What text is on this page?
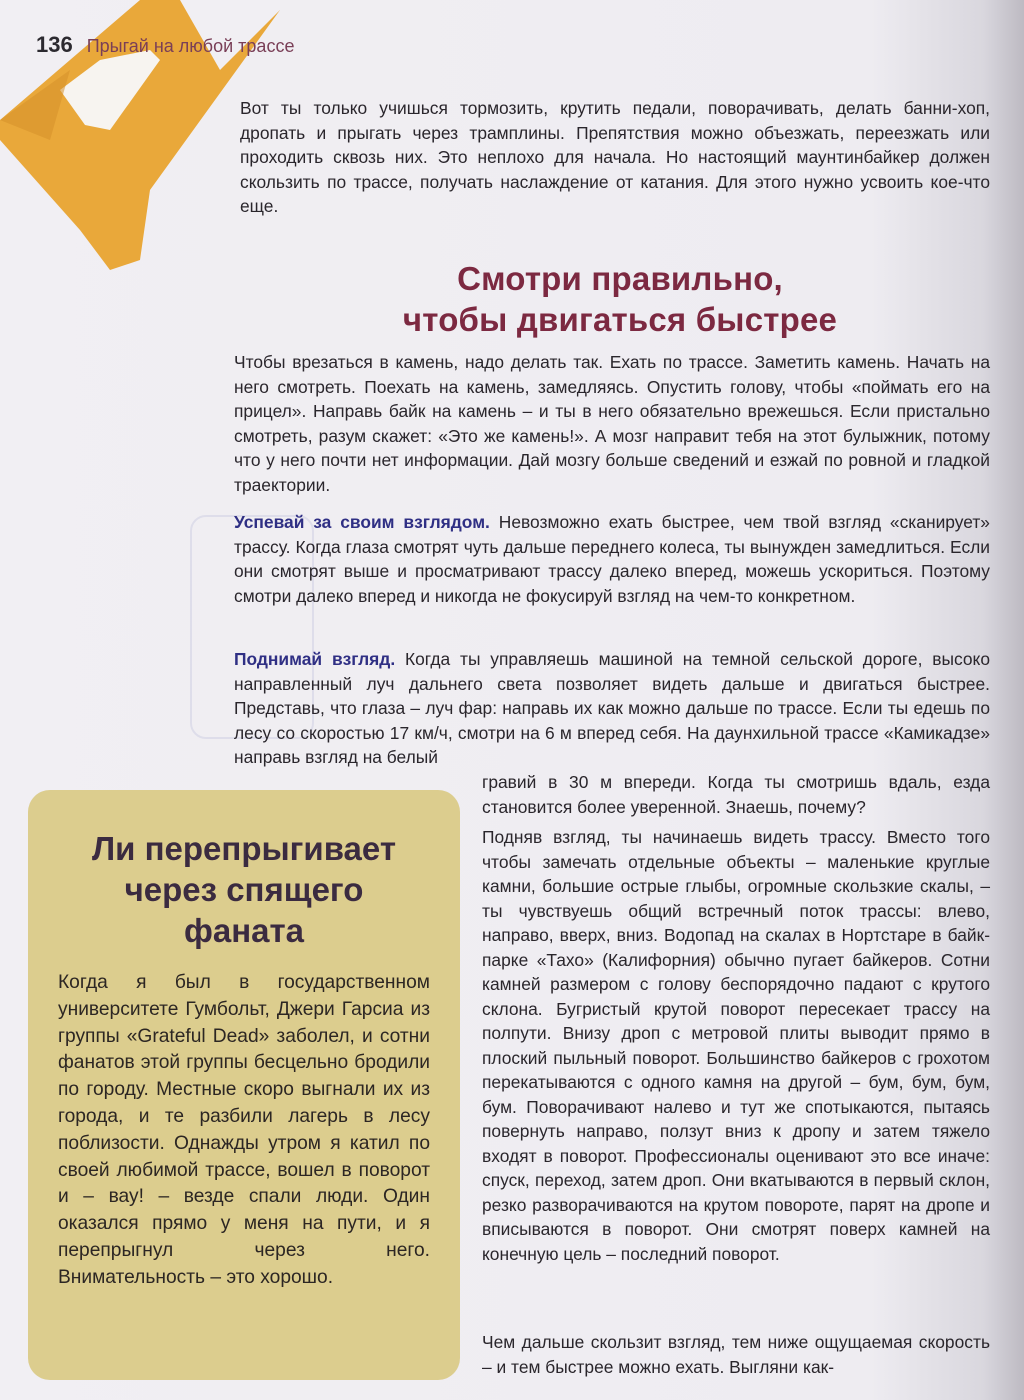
136 Прыгай на любой трассе

Вот ты только учишься тормозить, крутить педали, поворачивать, делать банни-хоп, дропать и прыгать через трамплины. Препятствия можно объезжать, переезжать или проходить сквозь них. Это неплохо для начала. Но настоящий маунтинбайкер должен скользить по трассе, получать наслаждение от катания. Для этого нужно усвоить кое-что еще.

Смотри правильно,
чтобы двигаться быстрее

Чтобы врезаться в камень, надо делать так. Ехать по трассе. Заметить камень. Начать на него смотреть. Поехать на камень, замедляясь. Опустить голову, чтобы «поймать его на прицел». Направь байк на камень – и ты в него обязательно врежешься. Если пристально смотреть, разум скажет: «Это же камень!». А мозг направит тебя на этот булыжник, потому что у него почти нет информации. Дай мозгу больше сведений и езжай по ровной и гладкой траектории.

Успевай за своим взглядом. Невозможно ехать быстрее, чем твой взгляд «сканирует» трассу. Когда глаза смотрят чуть дальше переднего колеса, ты вынужден замедлиться. Если они смотрят выше и просматривают трассу далеко вперед, можешь ускориться. Поэтому смотри далеко вперед и никогда не фокусируй взгляд на чем-то конкретном.

Поднимай взгляд. Когда ты управляешь машиной на темной сельской дороге, высоко направленный луч дальнего света позволяет видеть дальше и двигаться быстрее. Представь, что глаза – луч фар: направь их как можно дальше по трассе. Если ты едешь по лесу со скоростью 17 км/ч, смотри на 6 м вперед себя. На даунхильной трассе «Камикадзе» направь взгляд на белый

гравий в 30 м впереди. Когда ты смотришь вдаль, езда становится более уверенной. Знаешь, почему?

Подняв взгляд, ты начинаешь видеть трассу. Вместо того чтобы замечать отдельные объекты – маленькие круглые камни, большие острые глыбы, огромные скользкие скалы, – ты чувствуешь общий встречный поток трассы: влево, направо, вверх, вниз. Водопад на скалах в Нортстаре в байк-парке «Тахо» (Калифорния) обычно пугает байкеров. Сотни камней размером с голову беспорядочно падают с крутого склона. Бугристый крутой поворот пересекает трассу на полпути. Внизу дроп с метровой плиты выводит прямо в плоский пыльный поворот. Большинство байкеров с грохотом перекатываются с одного камня на другой – бум, бум, бум, бум. Поворачивают налево и тут же спотыкаются, пытаясь повернуть направо, ползут вниз к дропу и затем тяжело входят в поворот. Профессионалы оценивают это все иначе: спуск, переход, затем дроп. Они вкатываются в первый склон, резко разворачиваются на крутом повороте, парят на дропе и вписываются в поворот. Они смотрят поверх камней на конечную цель – последний поворот.

Чем дальше скользит взгляд, тем ниже ощущаемая скорость – и тем быстрее можно ехать. Выгляни как-

Ли перепрыгивает
через спящего
фаната

Когда я был в государственном университете Гумбольт, Джери Гарсиа из группы «Grateful Dead» заболел, и сотни фанатов этой группы бесцельно бродили по городу. Местные скоро выгнали их из города, и те разбили лагерь в лесу поблизости. Однажды утром я катил по своей любимой трассе, вошел в поворот и – вау! – везде спали люди. Один оказался прямо у меня на пути, и я перепрыгнул через него. Внимательность – это хорошо.
